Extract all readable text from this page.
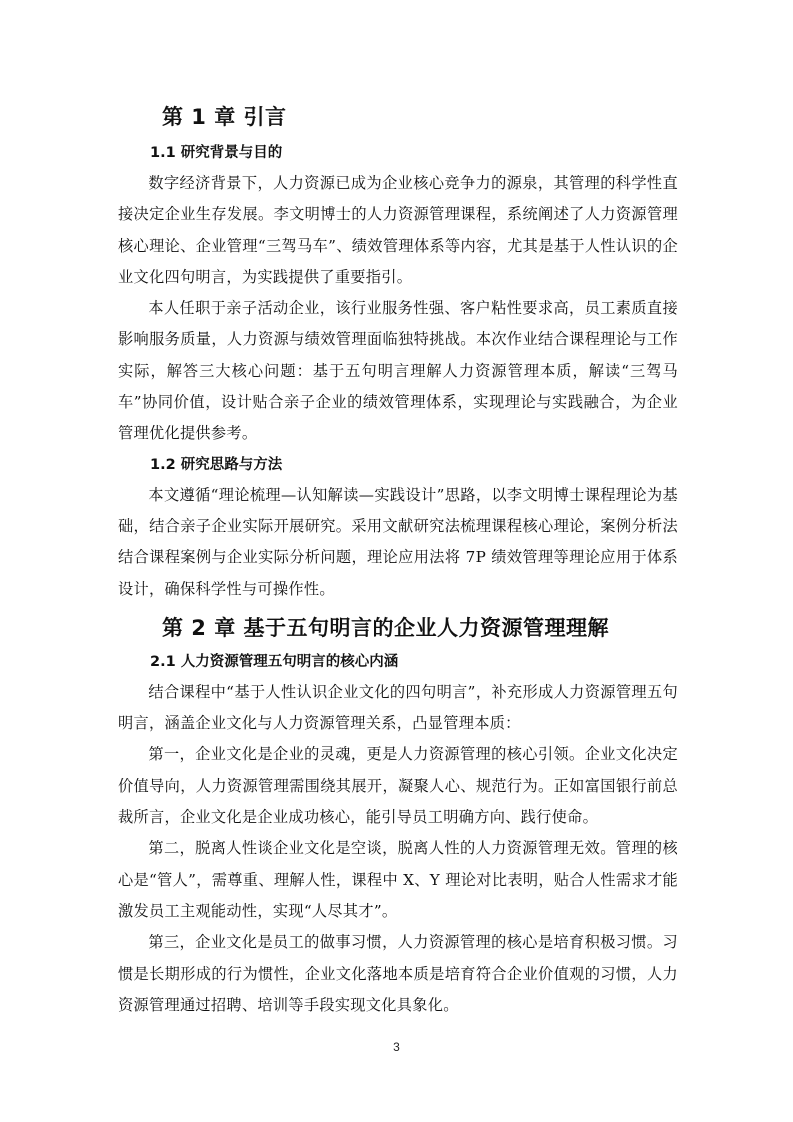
第 1 章 引言
1.1 研究背景与目的

数字经济背景下，人力资源已成为企业核心竞争力的源泉，其管理的科学性直接决定企业生存发展。李文明博士的人力资源管理课程，系统阐述了人力资源管理核心理论、企业管理“三驾马车”、绩效管理体系等内容，尤其是基于人性认识的企业文化四句明言，为实践提供了重要指引。

本人任职于亲子活动企业，该行业服务性强、客户粘性要求高，员工素质直接影响服务质量，人力资源与绩效管理面临独特挑战。本次作业结合课程理论与工作实际，解答三大核心问题：基于五句明言理解人力资源管理本质，解读“三驾马车”协同价值，设计贴合亲子企业的绩效管理体系，实现理论与实践融合，为企业管理优化提供参考。

1.2 研究思路与方法

本文遵循“理论梳理—认知解读—实践设计”思路，以李文明博士课程理论为基础，结合亲子企业实际开展研究。采用文献研究法梳理课程核心理论，案例分析法结合课程案例与企业实际分析问题，理论应用法将 7P 绩效管理等理论应用于体系设计，确保科学性与可操作性。

第 2 章 基于五句明言的企业人力资源管理理解
2.1 人力资源管理五句明言的核心内涵

结合课程中“基于人性认识企业文化的四句明言”，补充形成人力资源管理五句明言，涵盖企业文化与人力资源管理关系，凸显管理本质：

第一，企业文化是企业的灵魂，更是人力资源管理的核心引领。企业文化决定价值导向，人力资源管理需围绕其展开，凝聚人心、规范行为。正如富国银行前总裁所言，企业文化是企业成功核心，能引导员工明确方向、践行使命。

第二，脱离人性谈企业文化是空谈，脱离人性的人力资源管理无效。管理的核心是“管人”，需尊重、理解人性，课程中 X、Y 理论对比表明，贴合人性需求才能激发员工主观能动性，实现“人尽其才”。

第三，企业文化是员工的做事习惯，人力资源管理的核心是培育积极习惯。习惯是长期形成的行为惯性，企业文化落地本质是培育符合企业价值观的习惯，人力资源管理通过招聘、培训等手段实现文化具象化。

3
